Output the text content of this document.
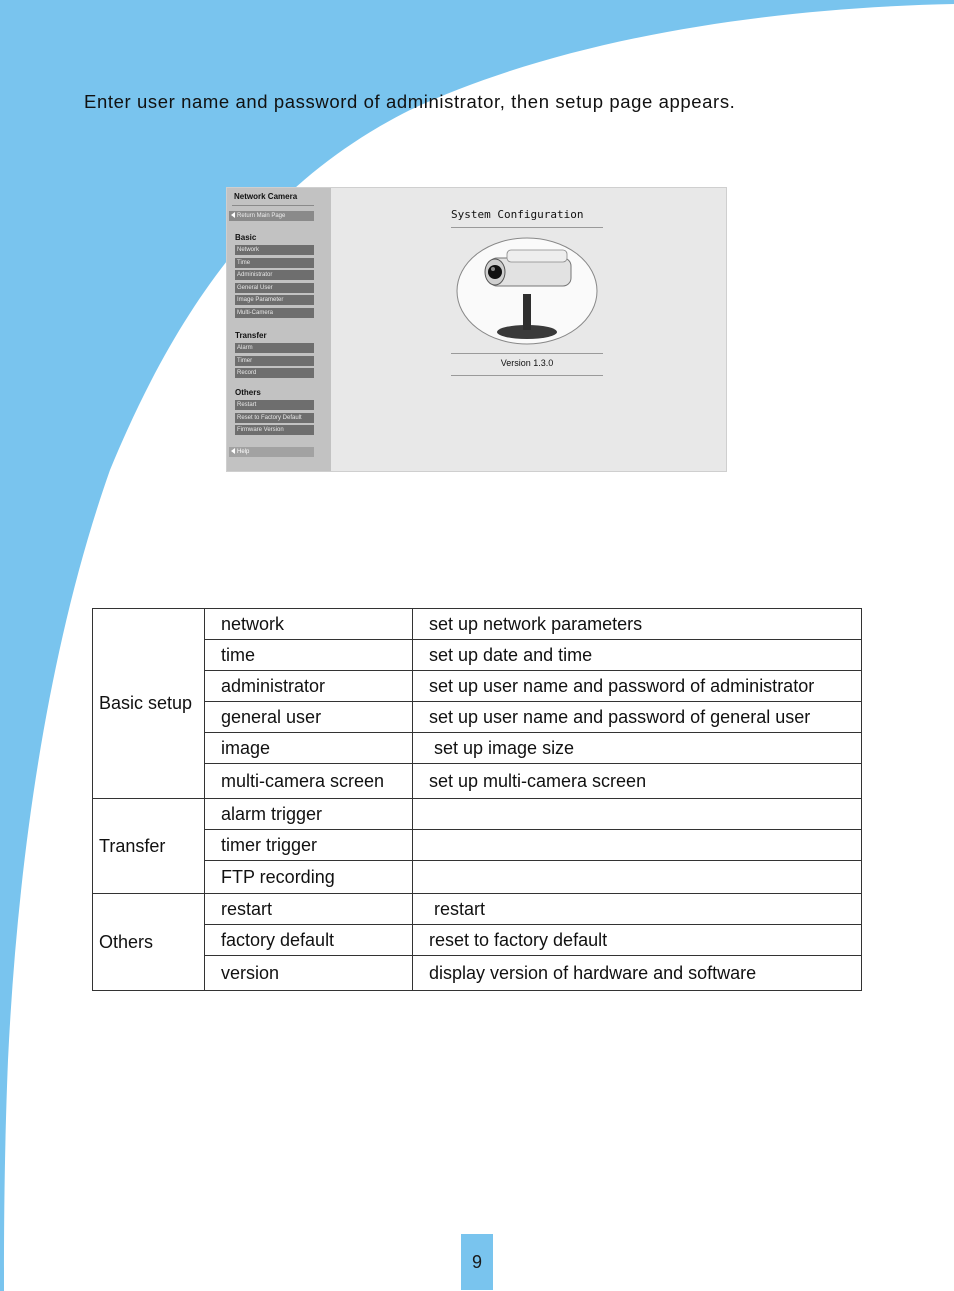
Enter user name and password of administrator, then setup page appears.

Network Camera
Return Main Page
Basic
Network
Time
Administrator
General User
Image Parameter
Multi-Camera
Transfer
Alarm
Timer
Record
Others
Restart
Reset to Factory Default
Firmware Version
Help
System Configuration
Version 1.3.0
Basic setup	network	set up network parameters
	time	set up date and time
	administrator	set up user name and password of administrator
	general user	set up user name and password of general user
	image	set up image size
	multi-camera screen	set up multi-camera screen
Transfer	alarm trigger	
	timer trigger	
	FTP recording	
Others	restart	restart
	factory default	reset to factory default
	version	display version of hardware and software
9
